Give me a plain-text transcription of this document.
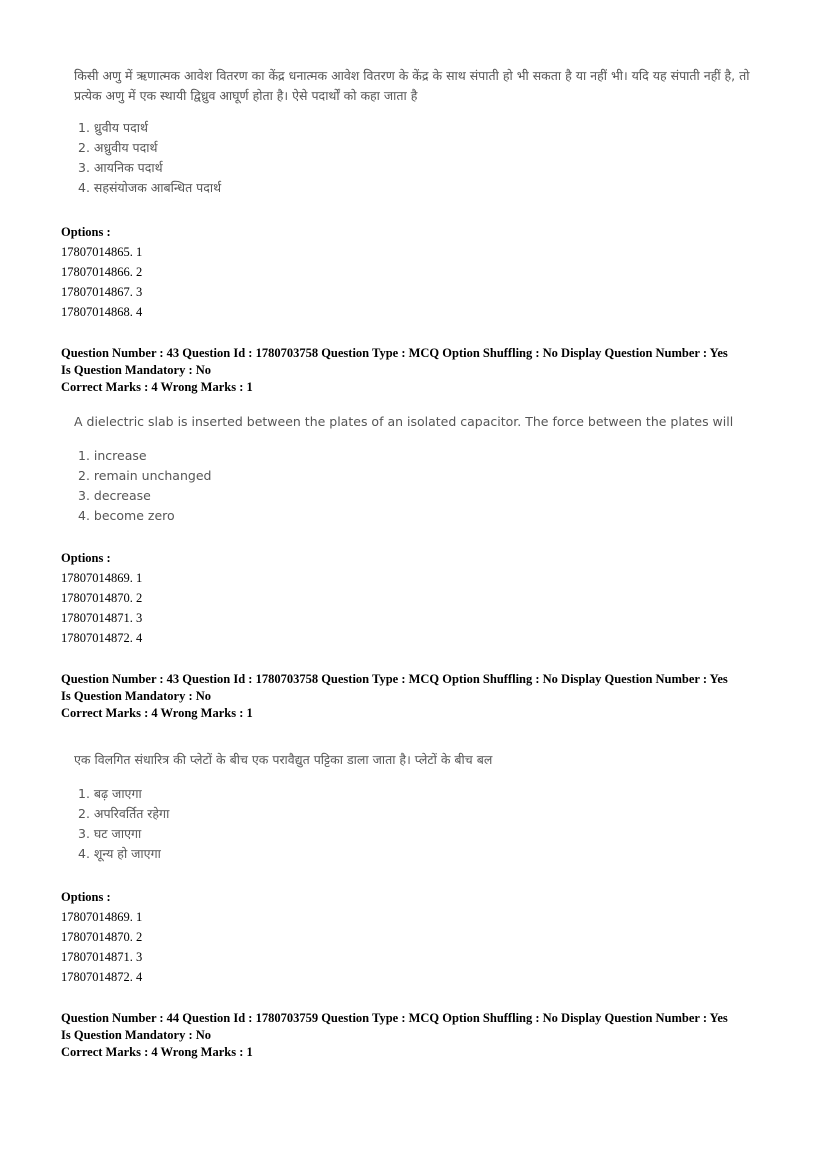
किसी अणु में ऋणात्मक आवेश वितरण का केंद्र धनात्मक आवेश वितरण के केंद्र के साथ संपाती हो भी सकता है या नहीं भी। यदि यह संपाती नहीं है, तो प्रत्येक अणु में एक स्थायी द्विध्रुव आघूर्ण होता है। ऐसे पदार्थों को कहा जाता है
1. ध्रुवीय पदार्थ
2. अध्रुवीय पदार्थ
3. आयनिक पदार्थ
4. सहसंयोजक आबन्धित पदार्थ
Options :
17807014865. 1
17807014866. 2
17807014867. 3
17807014868. 4
Question Number : 43 Question Id : 1780703758 Question Type : MCQ Option Shuffling : No Display Question Number : Yes
Is Question Mandatory : No
Correct Marks : 4 Wrong Marks : 1
A dielectric slab is inserted between the plates of an isolated capacitor. The force between the plates will
1. increase
2. remain unchanged
3. decrease
4. become zero
Options :
17807014869. 1
17807014870. 2
17807014871. 3
17807014872. 4
Question Number : 43 Question Id : 1780703758 Question Type : MCQ Option Shuffling : No Display Question Number : Yes
Is Question Mandatory : No
Correct Marks : 4 Wrong Marks : 1
एक विलगित संधारित्र की प्लेटों के बीच एक परावैद्युत पट्टिका डाला जाता है। प्लेटों के बीच बल
1. बढ़ जाएगा
2. अपरिवर्तित रहेगा
3. घट जाएगा
4. शून्य हो जाएगा
Options :
17807014869. 1
17807014870. 2
17807014871. 3
17807014872. 4
Question Number : 44 Question Id : 1780703759 Question Type : MCQ Option Shuffling : No Display Question Number : Yes
Is Question Mandatory : No
Correct Marks : 4 Wrong Marks : 1
